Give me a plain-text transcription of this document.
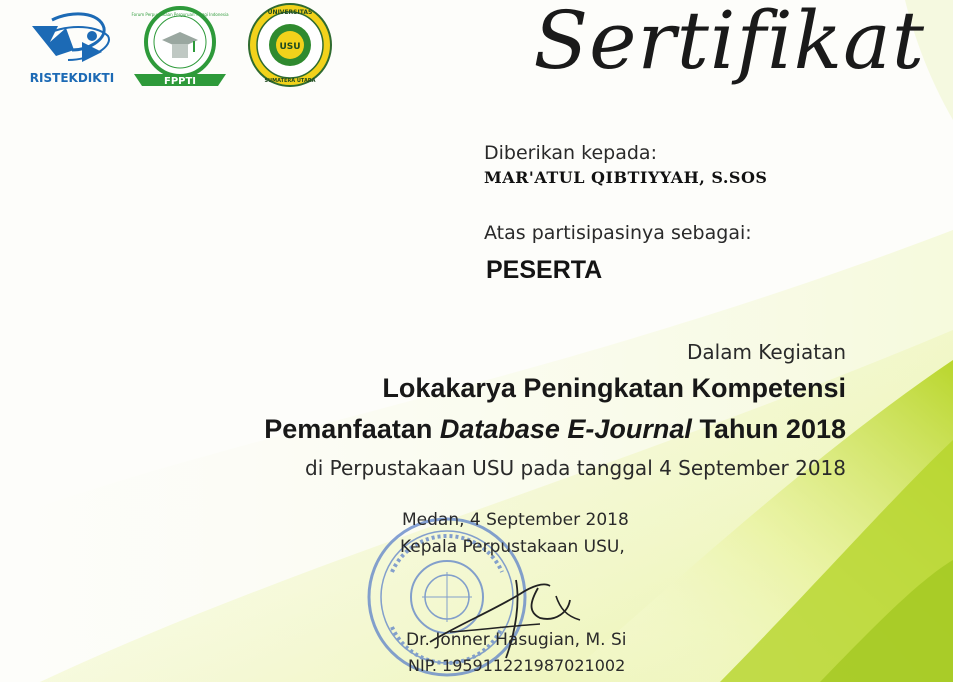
RISTEKDIKTI	FPPTI
Forum Perpustakaan Perguruan Tinggi Indonesia	UNIVERSITAS
SUMATERA UTARA
USU	Sertifikat
Diberikan kepada:
MAR'ATUL QIBTIYYAH, S.SOS
Atas partisipasinya sebagai:
PESERTA
Dalam Kegiatan
Lokakarya Peningkatan Kompetensi
Pemanfaatan Database E-Journal Tahun 2018
di Perpustakaan USU pada tanggal 4 September 2018
Medan, 4 September 2018
Kepala Perpustakaan USU,
Dr. Jonner Hasugian, M. Si
NIP. 195911221987021002
